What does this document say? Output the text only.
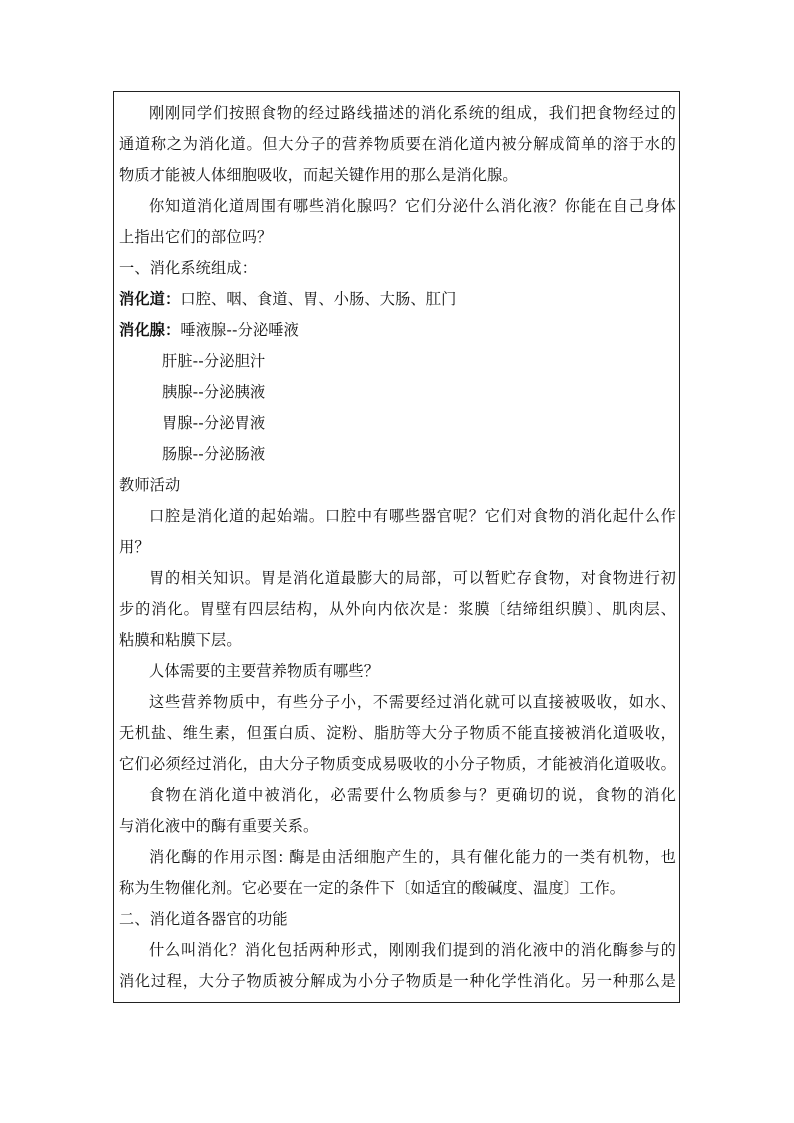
刚刚同学们按照食物的经过路线描述的消化系统的组成，我们把食物经过的
通道称之为消化道。但大分子的营养物质要在消化道内被分解成简单的溶于水的
物质才能被人体细胞吸收，而起关键作用的那么是消化腺。
你知道消化道周围有哪些消化腺吗？它们分泌什么消化液？你能在自己身体
上指出它们的部位吗？
一、消化系统组成：
消化道：口腔、咽、食道、胃、小肠、大肠、肛门
消化腺：唾液腺--分泌唾液
肝脏--分泌胆汁
胰腺--分泌胰液
胃腺--分泌胃液
肠腺--分泌肠液
教师活动
口腔是消化道的起始端。口腔中有哪些器官呢？它们对食物的消化起什么作
用？
胃的相关知识。胃是消化道最膨大的局部，可以暂贮存食物，对食物进行初
步的消化。胃壁有四层结构，从外向内依次是：浆膜〔结缔组织膜〕、肌肉层、
粘膜和粘膜下层。
人体需要的主要营养物质有哪些？
这些营养物质中，有些分子小，不需要经过消化就可以直接被吸收，如水、
无机盐、维生素，但蛋白质、淀粉、脂肪等大分子物质不能直接被消化道吸收，
它们必须经过消化，由大分子物质变成易吸收的小分子物质，才能被消化道吸收。
食物在消化道中被消化，必需要什么物质参与？更确切的说，食物的消化
与消化液中的酶有重要关系。
消化酶的作用示图: 酶是由活细胞产生的，具有催化能力的一类有机物，也
称为生物催化剂。它必要在一定的条件下〔如适宜的酸碱度、温度〕工作。
二、消化道各器官的功能
什么叫消化？消化包括两种形式，刚刚我们提到的消化液中的消化酶参与的
消化过程，大分子物质被分解成为小分子物质是一种化学性消化。另一种那么是
